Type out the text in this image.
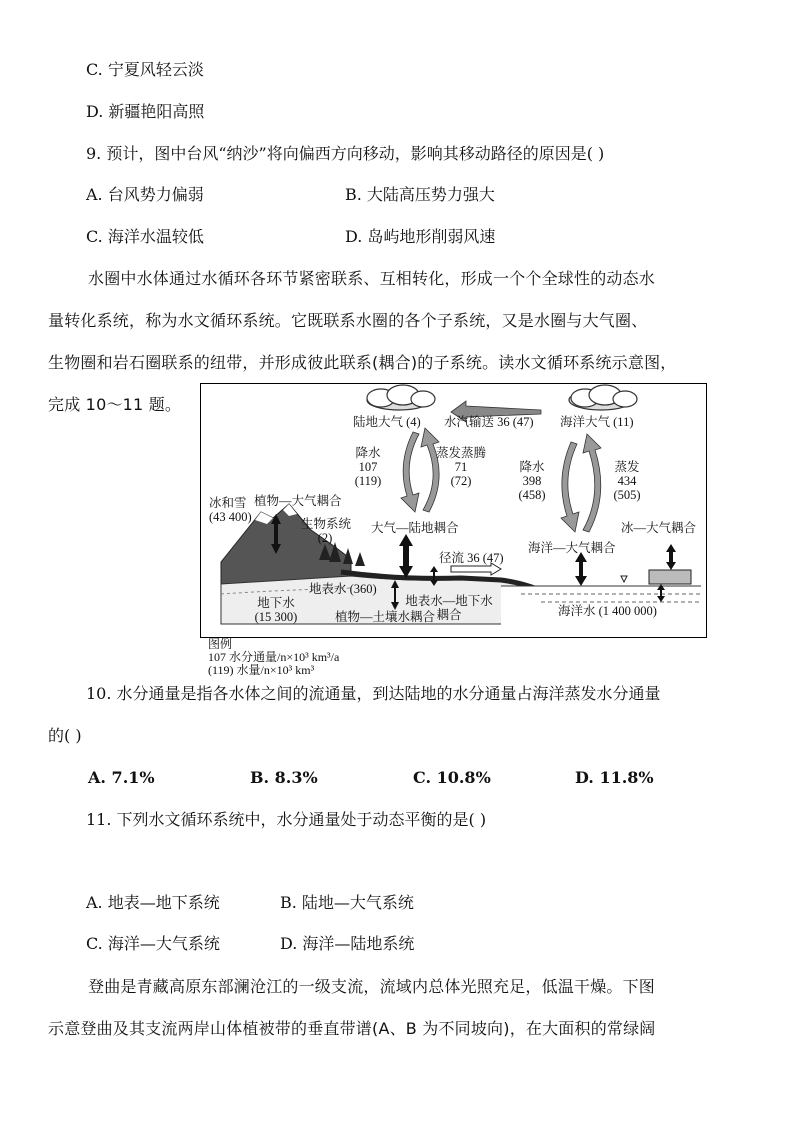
C. 宁夏风轻云淡
D. 新疆艳阳高照
9. 预计，图中台风“纳沙”将向偏西方向移动，影响其移动路径的原因是( )
A. 台风势力偏弱	B. 大陆高压势力强大
C. 海洋水温较低	D. 岛屿地形削弱风速
水圈中水体通过水循环各环节紧密联系、互相转化，形成一个个全球性的动态水
量转化系统，称为水文循环系统。它既联系水圈的各个子系统，又是水圈与大气圈、
生物圈和岩石圈联系的纽带，并形成彼此联系(耦合)的子系统。读水文循环系统示意图，
完成 10～11 题。
陆地大气 (4) 水汽输送 36 (47) 海洋大气 (11)
降水
107
(119)
蒸发蒸腾
71
(72)
降水
398
(458)
蒸发
434
(505)
冰和雪
(43 400)
植物—大气耦合
生物系统
(2)
大气—陆地耦合
海洋—大气耦合
冰—大气耦合
径流 36 (47)
地表水 (360)
地下水
(15 300)
地表水—地下水
耦合
植物—土壤水耦合	海洋水 (1 400 000)
图例
107 水分通量/n×10³ km³/a
(119) 水量/n×10³ km³
10. 水分通量是指各水体之间的流通量，到达陆地的水分通量占海洋蒸发水分通量
的( )
A. 7.1%	B. 8.3%	C. 10.8%	D. 11.8%
11. 下列水文循环系统中，水分通量处于动态平衡的是( )
A. 地表—地下系统	B. 陆地—大气系统
C. 海洋—大气系统	D. 海洋—陆地系统
登曲是青藏高原东部澜沧江的一级支流，流域内总体光照充足，低温干燥。下图
示意登曲及其支流两岸山体植被带的垂直带谱(A、B 为不同坡向)，在大面积的常绿阔
